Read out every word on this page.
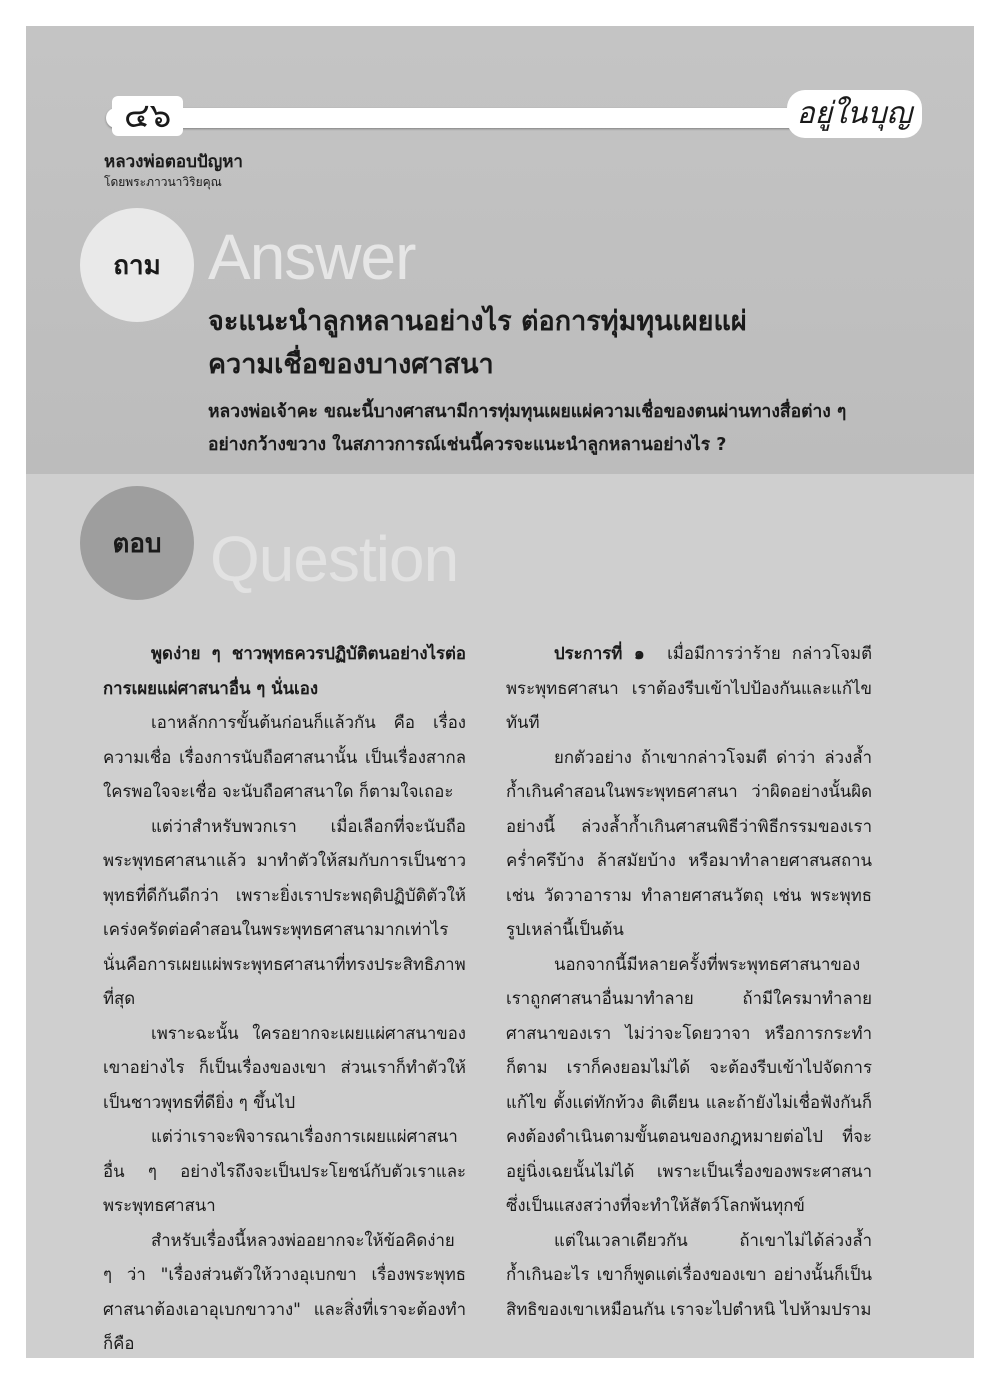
๔๖	อยู่ในบุญ
หลวงพ่อตอบปัญหา
โดยพระภาวนาวิริยคุณ
ถาม Answer
จะแนะนำลูกหลานอย่างไร ต่อการทุ่มทุนเผยแผ่
ความเชื่อของบางศาสนา
หลวงพ่อเจ้าคะ ขณะนี้บางศาสนามีการทุ่มทุนเผยแผ่ความเชื่อของตนผ่านทางสื่อต่าง ๆ
อย่างกว้างขวาง ในสภาวการณ์เช่นนี้ควรจะแนะนำลูกหลานอย่างไร ?
ตอบ Question

พูดง่าย ๆ ชาวพุทธควรปฏิบัติตนอย่างไรต่อการเผยแผ่ศาสนาอื่น ๆ นั่นเอง

เอาหลักการขั้นต้นก่อนก็แล้วกัน คือ เรื่องความเชื่อ เรื่องการนับถือศาสนานั้น เป็นเรื่องสากล ใครพอใจจะเชื่อ จะนับถือศาสนาใด ก็ตามใจเถอะ

แต่ว่าสำหรับพวกเรา เมื่อเลือกที่จะนับถือพระพุทธศาสนาแล้ว มาทำตัวให้สมกับการเป็นชาวพุทธที่ดีกันดีกว่า เพราะยิ่งเราประพฤติปฏิบัติตัวให้เคร่งครัดต่อคำสอนในพระพุทธศาสนามากเท่าไร นั่นคือการเผยแผ่พระพุทธศาสนาที่ทรงประสิทธิภาพที่สุด

เพราะฉะนั้น ใครอยากจะเผยแผ่ศาสนาของเขาอย่างไร ก็เป็นเรื่องของเขา ส่วนเราก็ทำตัวให้เป็นชาวพุทธที่ดียิ่ง ๆ ขึ้นไป

แต่ว่าเราจะพิจารณาเรื่องการเผยแผ่ศาสนาอื่น ๆ อย่างไรถึงจะเป็นประโยชน์กับตัวเราและพระพุทธศาสนา

สำหรับเรื่องนี้หลวงพ่ออยากจะให้ข้อคิดง่าย ๆ ว่า "เรื่องส่วนตัวให้วางอุเบกขา เรื่องพระพุทธศาสนาต้องเอาอุเบกขาวาง" และสิ่งที่เราจะต้องทำ ก็คือ

ประการที่ ๑ เมื่อมีการว่าร้าย กล่าวโจมตีพระพุทธศาสนา เราต้องรีบเข้าไปป้องกันและแก้ไขทันที

ยกตัวอย่าง ถ้าเขากล่าวโจมตี ด่าว่า ล่วงล้ำก้ำเกินคำสอนในพระพุทธศาสนา ว่าผิดอย่างนั้นผิดอย่างนี้ ล่วงล้ำก้ำเกินศาสนพิธีว่าพิธีกรรมของเราคร่ำครึบ้าง ล้าสมัยบ้าง หรือมาทำลายศาสนสถาน เช่น วัดวาอาราม ทำลายศาสนวัตถุ เช่น พระพุทธรูปเหล่านี้เป็นต้น

นอกจากนี้มีหลายครั้งที่พระพุทธศาสนาของเราถูกศาสนาอื่นมาทำลาย ถ้ามีใครมาทำลายศาสนาของเรา ไม่ว่าจะโดยวาจา หรือการกระทำก็ตาม เราก็คงยอมไม่ได้ จะต้องรีบเข้าไปจัดการแก้ไข ตั้งแต่ทักท้วง ติเตียน และถ้ายังไม่เชื่อฟังกันก็คงต้องดำเนินตามขั้นตอนของกฎหมายต่อไป ที่จะอยู่นิ่งเฉยนั้นไม่ได้ เพราะเป็นเรื่องของพระศาสนาซึ่งเป็นแสงสว่างที่จะทำให้สัตว์โลกพ้นทุกข์

แต่ในเวลาเดียวกัน ถ้าเขาไม่ได้ล่วงล้ำ ก้ำเกินอะไร เขาก็พูดแต่เรื่องของเขา อย่างนั้นก็เป็นสิทธิของเขาเหมือนกัน เราจะไปตำหนิ ไปห้ามปราม
